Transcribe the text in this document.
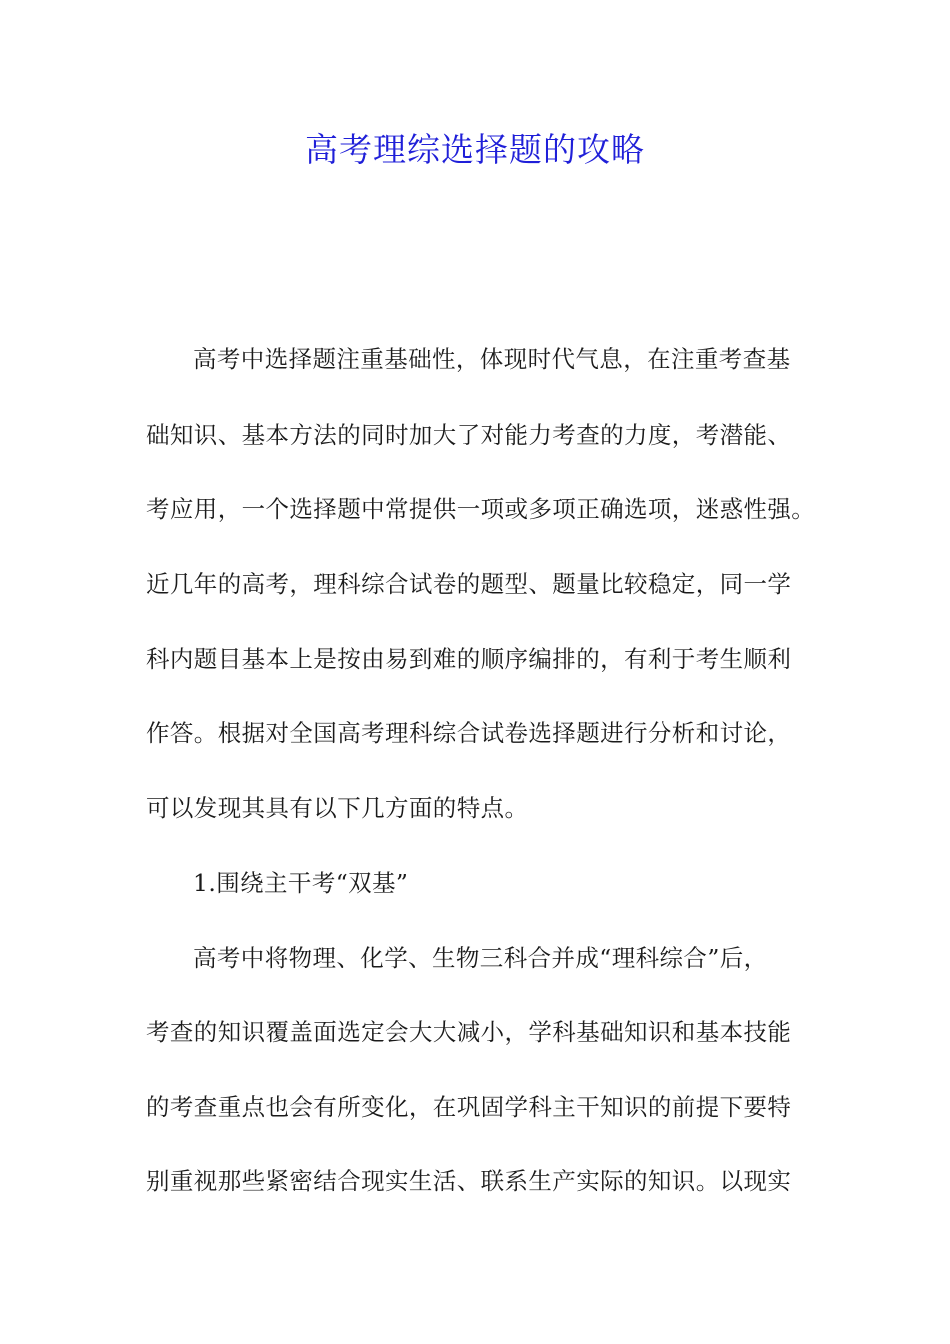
高考理综选择题的攻略
高考中选择题注重基础性，体现时代气息，在注重考查基
础知识、基本方法的同时加大了对能力考查的力度，考潜能、
考应用，一个选择题中常提供一项或多项正确选项，迷惑性强。
近几年的高考，理科综合试卷的题型、题量比较稳定，同一学
科内题目基本上是按由易到难的顺序编排的，有利于考生顺利
作答。根据对全国高考理科综合试卷选择题进行分析和讨论，
可以发现其具有以下几方面的特点。
1.围绕主干考“双基”
高考中将物理、化学、生物三科合并成“理科综合”后，
考查的知识覆盖面选定会大大减小，学科基础知识和基本技能
的考查重点也会有所变化，在巩固学科主干知识的前提下要特
别重视那些紧密结合现实生活、联系生产实际的知识。以现实
